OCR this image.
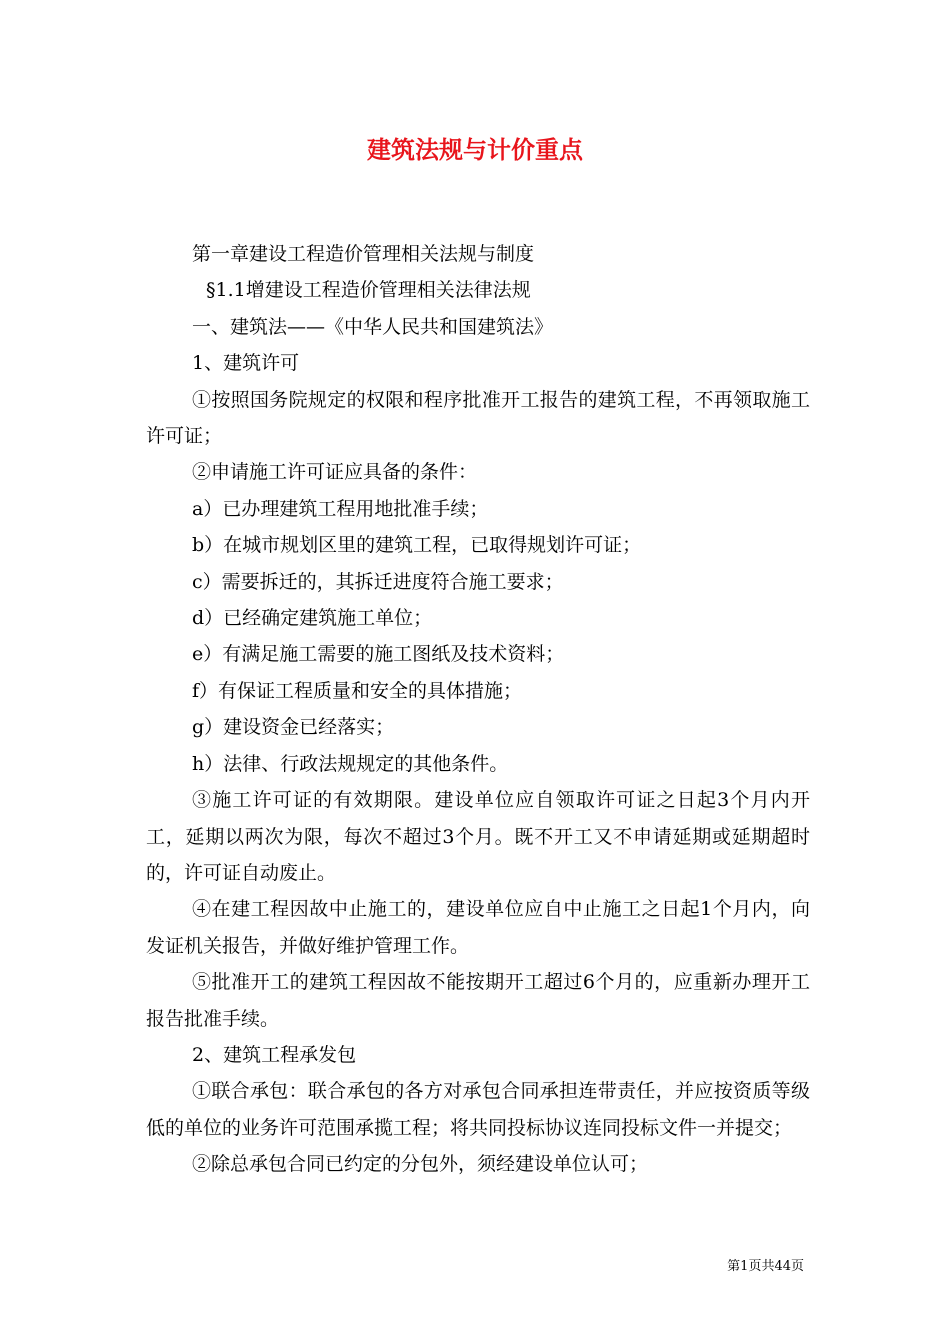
建筑法规与计价重点

第一章建设工程造价管理相关法规与制度

§1.1增建设工程造价管理相关法律法规

一、建筑法——《中华人民共和国建筑法》

1、建筑许可

①按照国务院规定的权限和程序批准开工报告的建筑工程，不再领取施工许可证；

②申请施工许可证应具备的条件：

a）已办理建筑工程用地批准手续；

b）在城市规划区里的建筑工程，已取得规划许可证；

c）需要拆迁的，其拆迁进度符合施工要求；

d）已经确定建筑施工单位；

e）有满足施工需要的施工图纸及技术资料；

f）有保证工程质量和安全的具体措施；

g）建设资金已经落实；

h）法律、行政法规规定的其他条件。

③施工许可证的有效期限。建设单位应自领取许可证之日起3个月内开工，延期以两次为限，每次不超过3个月。既不开工又不申请延期或延期超时的，许可证自动废止。

④在建工程因故中止施工的，建设单位应自中止施工之日起1个月内，向发证机关报告，并做好维护管理工作。

⑤批准开工的建筑工程因故不能按期开工超过6个月的，应重新办理开工报告批准手续。

2、建筑工程承发包

①联合承包：联合承包的各方对承包合同承担连带责任，并应按资质等级低的单位的业务许可范围承揽工程；将共同投标协议连同投标文件一并提交；

②除总承包合同已约定的分包外，须经建设单位认可；

第1页共44页
